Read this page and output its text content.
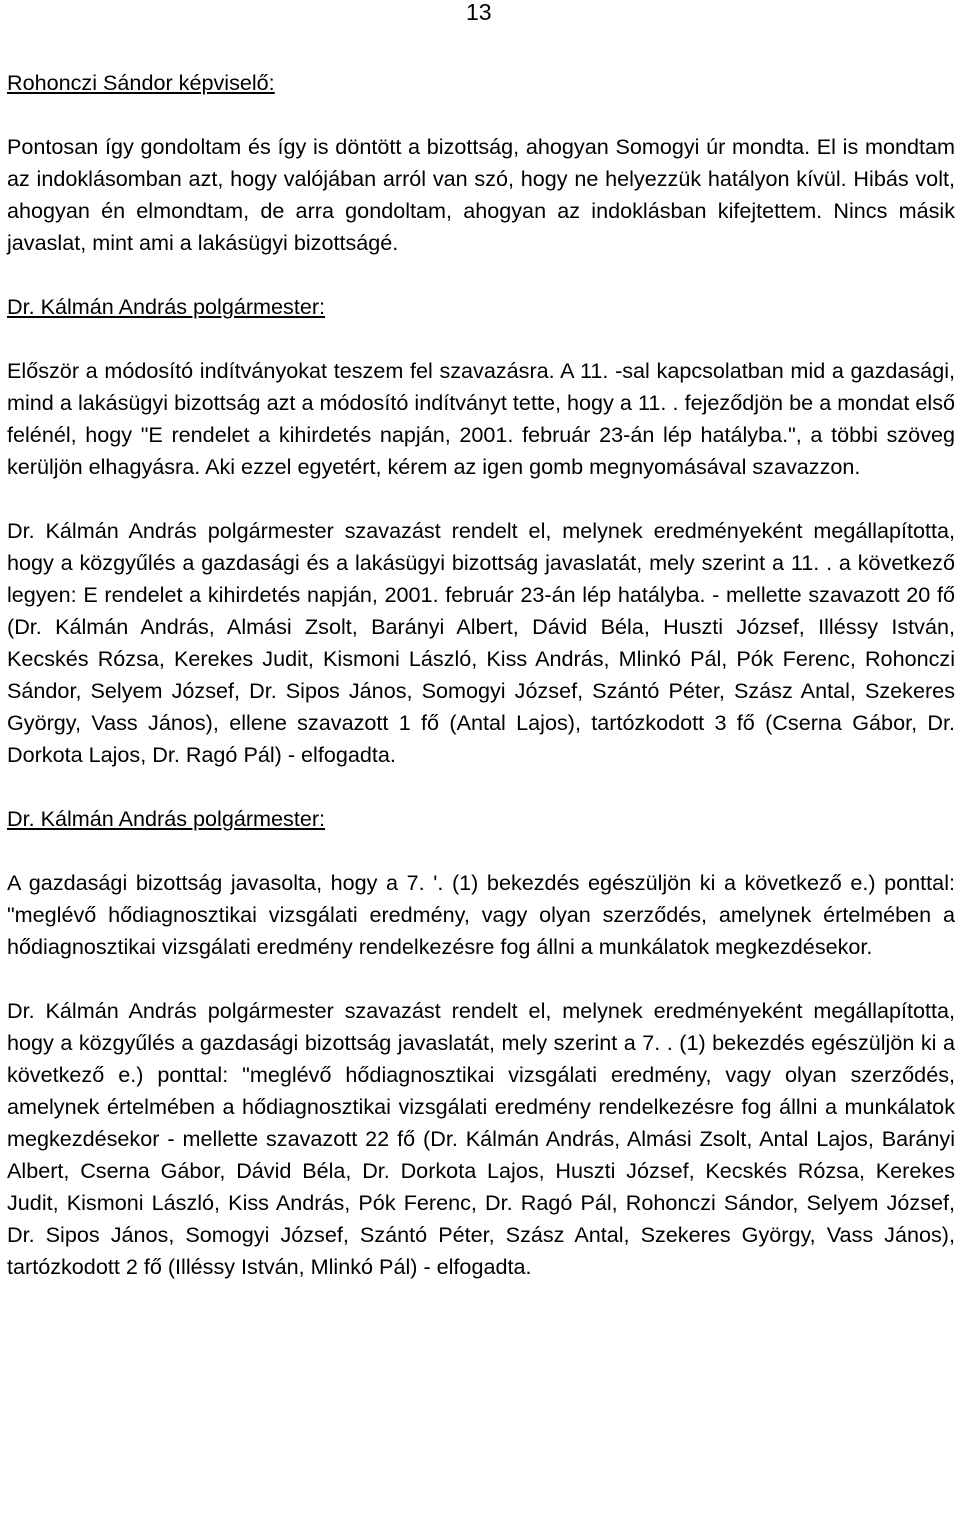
13

Rohonczi Sándor képviselő:

Pontosan így gondoltam és így is döntött a bizottság, ahogyan Somogyi úr mondta. El is mondtam az indoklásomban azt, hogy valójában arról van szó, hogy ne helyezzük hatályon kívül. Hibás volt, ahogyan én elmondtam, de arra gondoltam, ahogyan az indoklásban kifejtettem. Nincs másik javaslat, mint ami a lakásügyi bizottságé.

Dr. Kálmán András polgármester:

Először a módosító indítványokat teszem fel szavazásra. A 11. -sal kapcsolatban mid a gazdasági, mind a lakásügyi bizottság azt a módosító indítványt tette, hogy a 11. . fejeződjön be a mondat első felénél, hogy "E rendelet a kihirdetés napján, 2001. február 23-án lép hatályba.", a többi szöveg kerüljön elhagyásra. Aki ezzel egyetért, kérem az igen gomb megnyomásával szavazzon.

Dr. Kálmán András polgármester szavazást rendelt el, melynek eredményeként megállapította, hogy a közgyűlés a gazdasági és a lakásügyi bizottság javaslatát, mely szerint a 11. . a következő legyen: E rendelet a kihirdetés napján, 2001. február 23-án lép hatályba. - mellette szavazott 20 fő (Dr. Kálmán András, Almási Zsolt, Barányi Albert, Dávid Béla, Huszti József, Illéssy István, Kecskés Rózsa, Kerekes Judit, Kismoni László, Kiss András, Mlinkó Pál, Pók Ferenc, Rohonczi Sándor, Selyem József, Dr. Sipos János, Somogyi József, Szántó Péter, Szász Antal, Szekeres György, Vass János), ellene szavazott 1 fő (Antal Lajos), tartózkodott 3 fő (Cserna Gábor, Dr. Dorkota Lajos, Dr. Ragó Pál) - elfogadta.

Dr. Kálmán András polgármester:

A gazdasági bizottság javasolta, hogy a 7. '. (1) bekezdés egészüljön ki a következő e.) ponttal: "meglévő hődiagnosztikai vizsgálati eredmény, vagy olyan szerződés, amelynek értelmében a hődiagnosztikai vizsgálati eredmény rendelkezésre fog állni a munkálatok megkezdésekor.

Dr. Kálmán András polgármester szavazást rendelt el, melynek eredményeként megállapította, hogy a közgyűlés a gazdasági bizottság javaslatát, mely szerint a 7. . (1) bekezdés egészüljön ki a következő e.) ponttal: "meglévő hődiagnosztikai vizsgálati eredmény, vagy olyan szerződés, amelynek értelmében a hődiagnosztikai vizsgálati eredmény rendelkezésre fog állni a munkálatok megkezdésekor - mellette szavazott 22 fő (Dr. Kálmán András, Almási Zsolt, Antal Lajos, Barányi Albert, Cserna Gábor, Dávid Béla, Dr. Dorkota Lajos, Huszti József, Kecskés Rózsa, Kerekes Judit, Kismoni László, Kiss András, Pók Ferenc, Dr. Ragó Pál, Rohonczi Sándor, Selyem József, Dr. Sipos János, Somogyi József, Szántó Péter, Szász Antal, Szekeres György, Vass János), tartózkodott 2 fő (Illéssy István, Mlinkó Pál) - elfogadta.
